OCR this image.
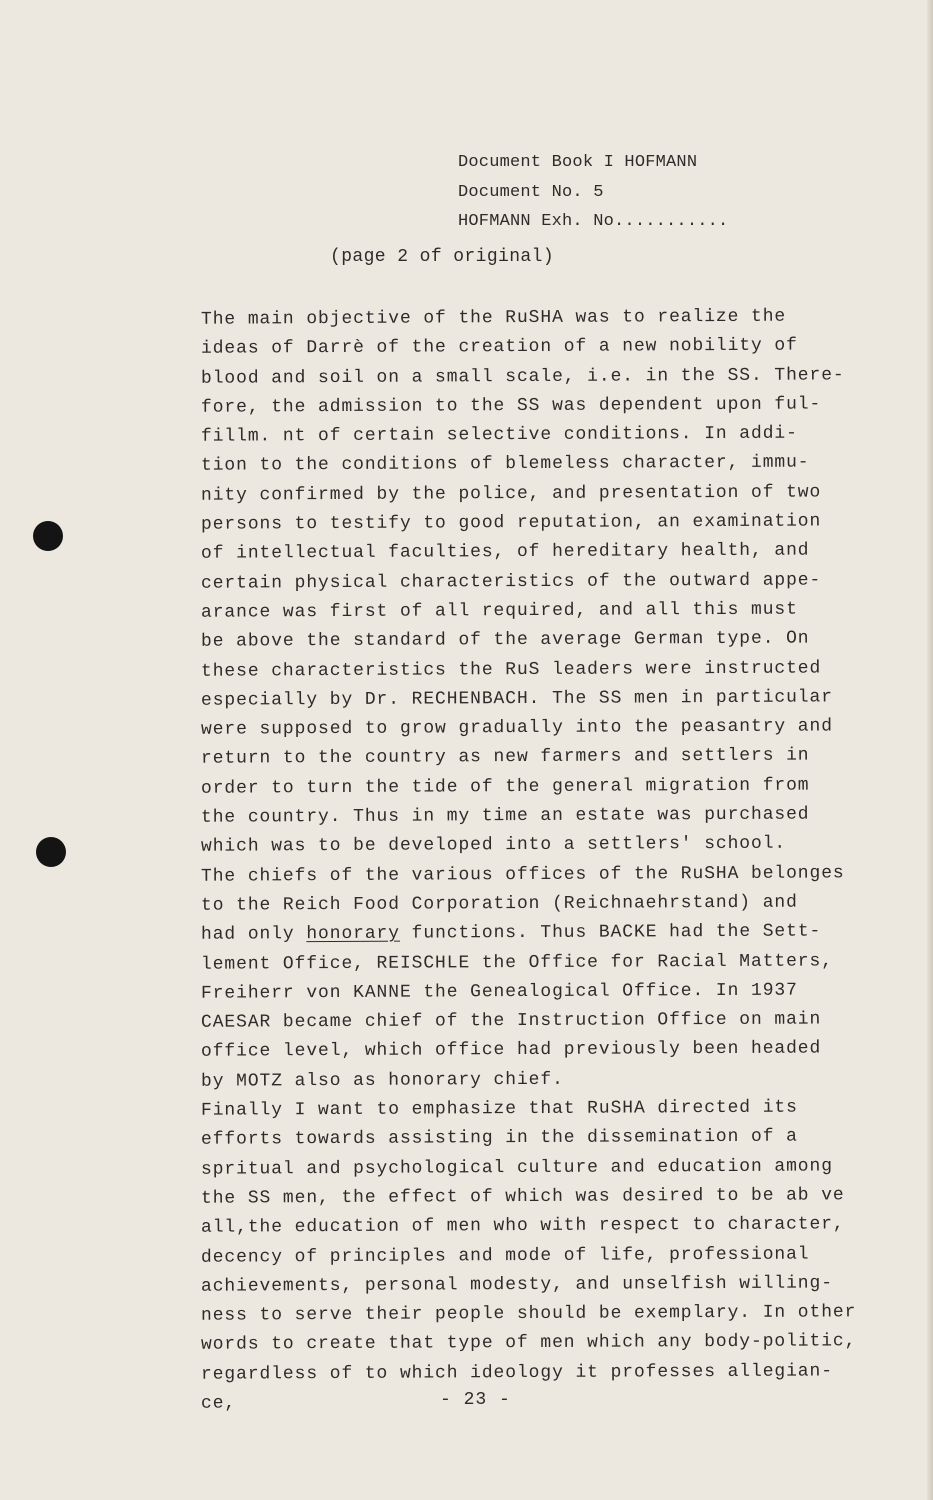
Document Book I HOFMANN
Document No. 5
HOFMANN Exh. No...........
(page 2 of original)
The main objective of the RuSHA was to realize the
ideas of Darrè of the creation of a new nobility of
blood and soil on a small scale, i.e. in the SS. There-
fore, the admission to the SS was dependent upon ful-
fillm. nt of certain selective conditions. In addi-
tion to the conditions of blemeless character, immu-
nity confirmed by the police, and presentation of two
persons to testify to good reputation, an examination
of intellectual faculties, of hereditary health, and
certain physical characteristics of the outward appe-
arance was first of all required, and all this must
be above the standard of the average German type. On
these characteristics the RuS leaders were instructed
especially by Dr. RECHENBACH. The SS men in particular
were supposed to grow gradually into the peasantry and
return to the country as new farmers and settlers in
order to turn the tide of the general migration from
the country. Thus in my time an estate was purchased
which was to be developed into a settlers' school.
The chiefs of the various offices of the RuSHA belonges
to the Reich Food Corporation (Reichnaehrstand) and
had only honorary functions. Thus BACKE had the Sett-
lement Office, REISCHLE the Office for Racial Matters,
Freiherr von KANNE the Genealogical Office. In 1937
CAESAR became chief of the Instruction Office on main
office level, which office had previously been headed
by MOTZ also as honorary chief.
Finally I want to emphasize that RuSHA directed its
efforts towards assisting in the dissemination of a
spritual and psychological culture and education among
the SS men, the effect of which was desired to be ab ve
all,the education of men who with respect to character,
decency of principles and mode of life, professional
achievements, personal modesty, and unselfish willing-
ness to serve their people should be exemplary. In other
words to create that type of men which any body-politic,
regardless of to which ideology it professes allegian-
ce,	- 23 -
